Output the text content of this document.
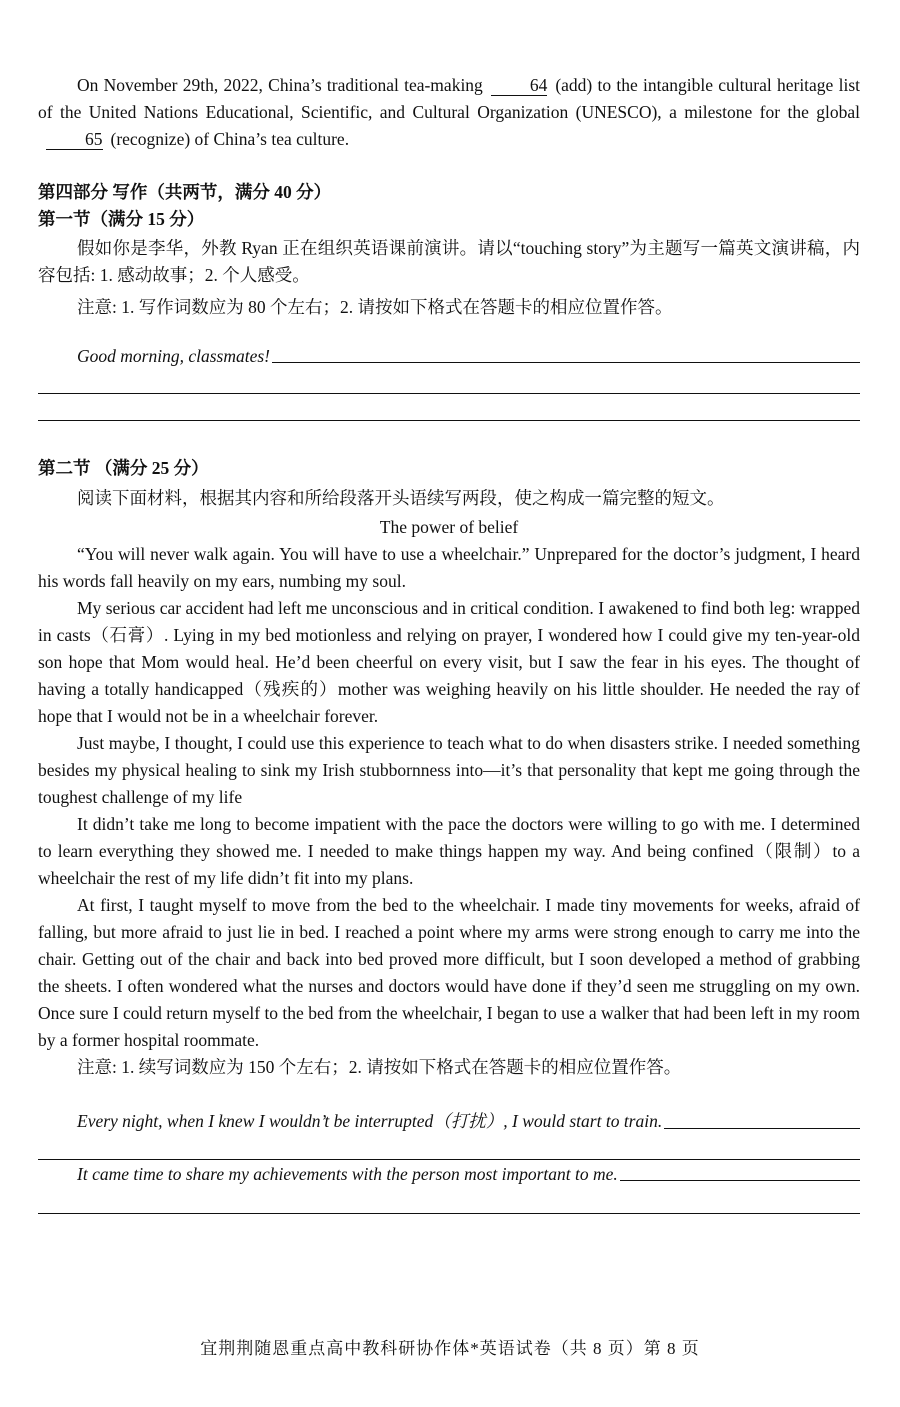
On November 29th, 2022, China’s traditional tea-making	64 (add) to the intangible cultural heritage list of the United Nations Educational, Scientific, and Cultural Organization (UNESCO), a milestone for the global65 (recognize) of China’s tea culture.

第四部分 写作（共两节，满分 40 分）

第一节（满分 15 分）

假如你是李华，外教 Ryan 正在组织英语课前演讲。请以“touching story”为主题写一篇英文演讲稿，内容包括: 1. 感动故事；2. 个人感受。

注意: 1. 写作词数应为 80 个左右；2. 请按如下格式在答题卡的相应位置作答。

Good morning, classmates!

第二节 （满分 25 分）

阅读下面材料，根据其内容和所给段落开头语续写两段，使之构成一篇完整的短文。

The power of belief

“You will never walk again. You will have to use a wheelchair.” Unprepared for the doctor’s judgment, I heard his words fall heavily on my ears, numbing my soul.

My serious car accident had left me unconscious and in critical condition. I awakened to find both leg: wrapped in casts（石膏）. Lying in my bed motionless and relying on prayer, I wondered how I could give my ten-year-old son hope that Mom would heal. He’d been cheerful on every visit, but I saw the fear in his eyes. The thought of having a totally handicapped（残疾的）mother was weighing heavily on his little shoulder. He needed the ray of hope that I would not be in a wheelchair forever.

Just maybe, I thought, I could use this experience to teach what to do when disasters strike. I needed something besides my physical healing to sink my Irish stubbornness into—it’s that personality that kept me going through the toughest challenge of my life

It didn’t take me long to become impatient with the pace the doctors were willing to go with me. I determined to learn everything they showed me. I needed to make things happen my way. And being confined（限制）to a wheelchair the rest of my life didn’t fit into my plans.

At first, I taught myself to move from the bed to the wheelchair. I made tiny movements for weeks, afraid of falling, but more afraid to just lie in bed. I reached a point where my arms were strong enough to carry me into the chair. Getting out of the chair and back into bed proved more difficult, but I soon developed a method of grabbing the sheets. I often wondered what the nurses and doctors would have done if they’d seen me struggling on my own. Once sure I could return myself to the bed from the wheelchair, I began to use a walker that had been left in my room by a former hospital roommate.

注意: 1. 续写词数应为 150 个左右；2. 请按如下格式在答题卡的相应位置作答。

Every night, when I knew I wouldn’t be interrupted（打扰）, I would start to train.
It came time to share my achievements with the person most important to me.
宜荆荆随恩重点高中教科研协作体*英语试卷（共 8 页）第 8 页
